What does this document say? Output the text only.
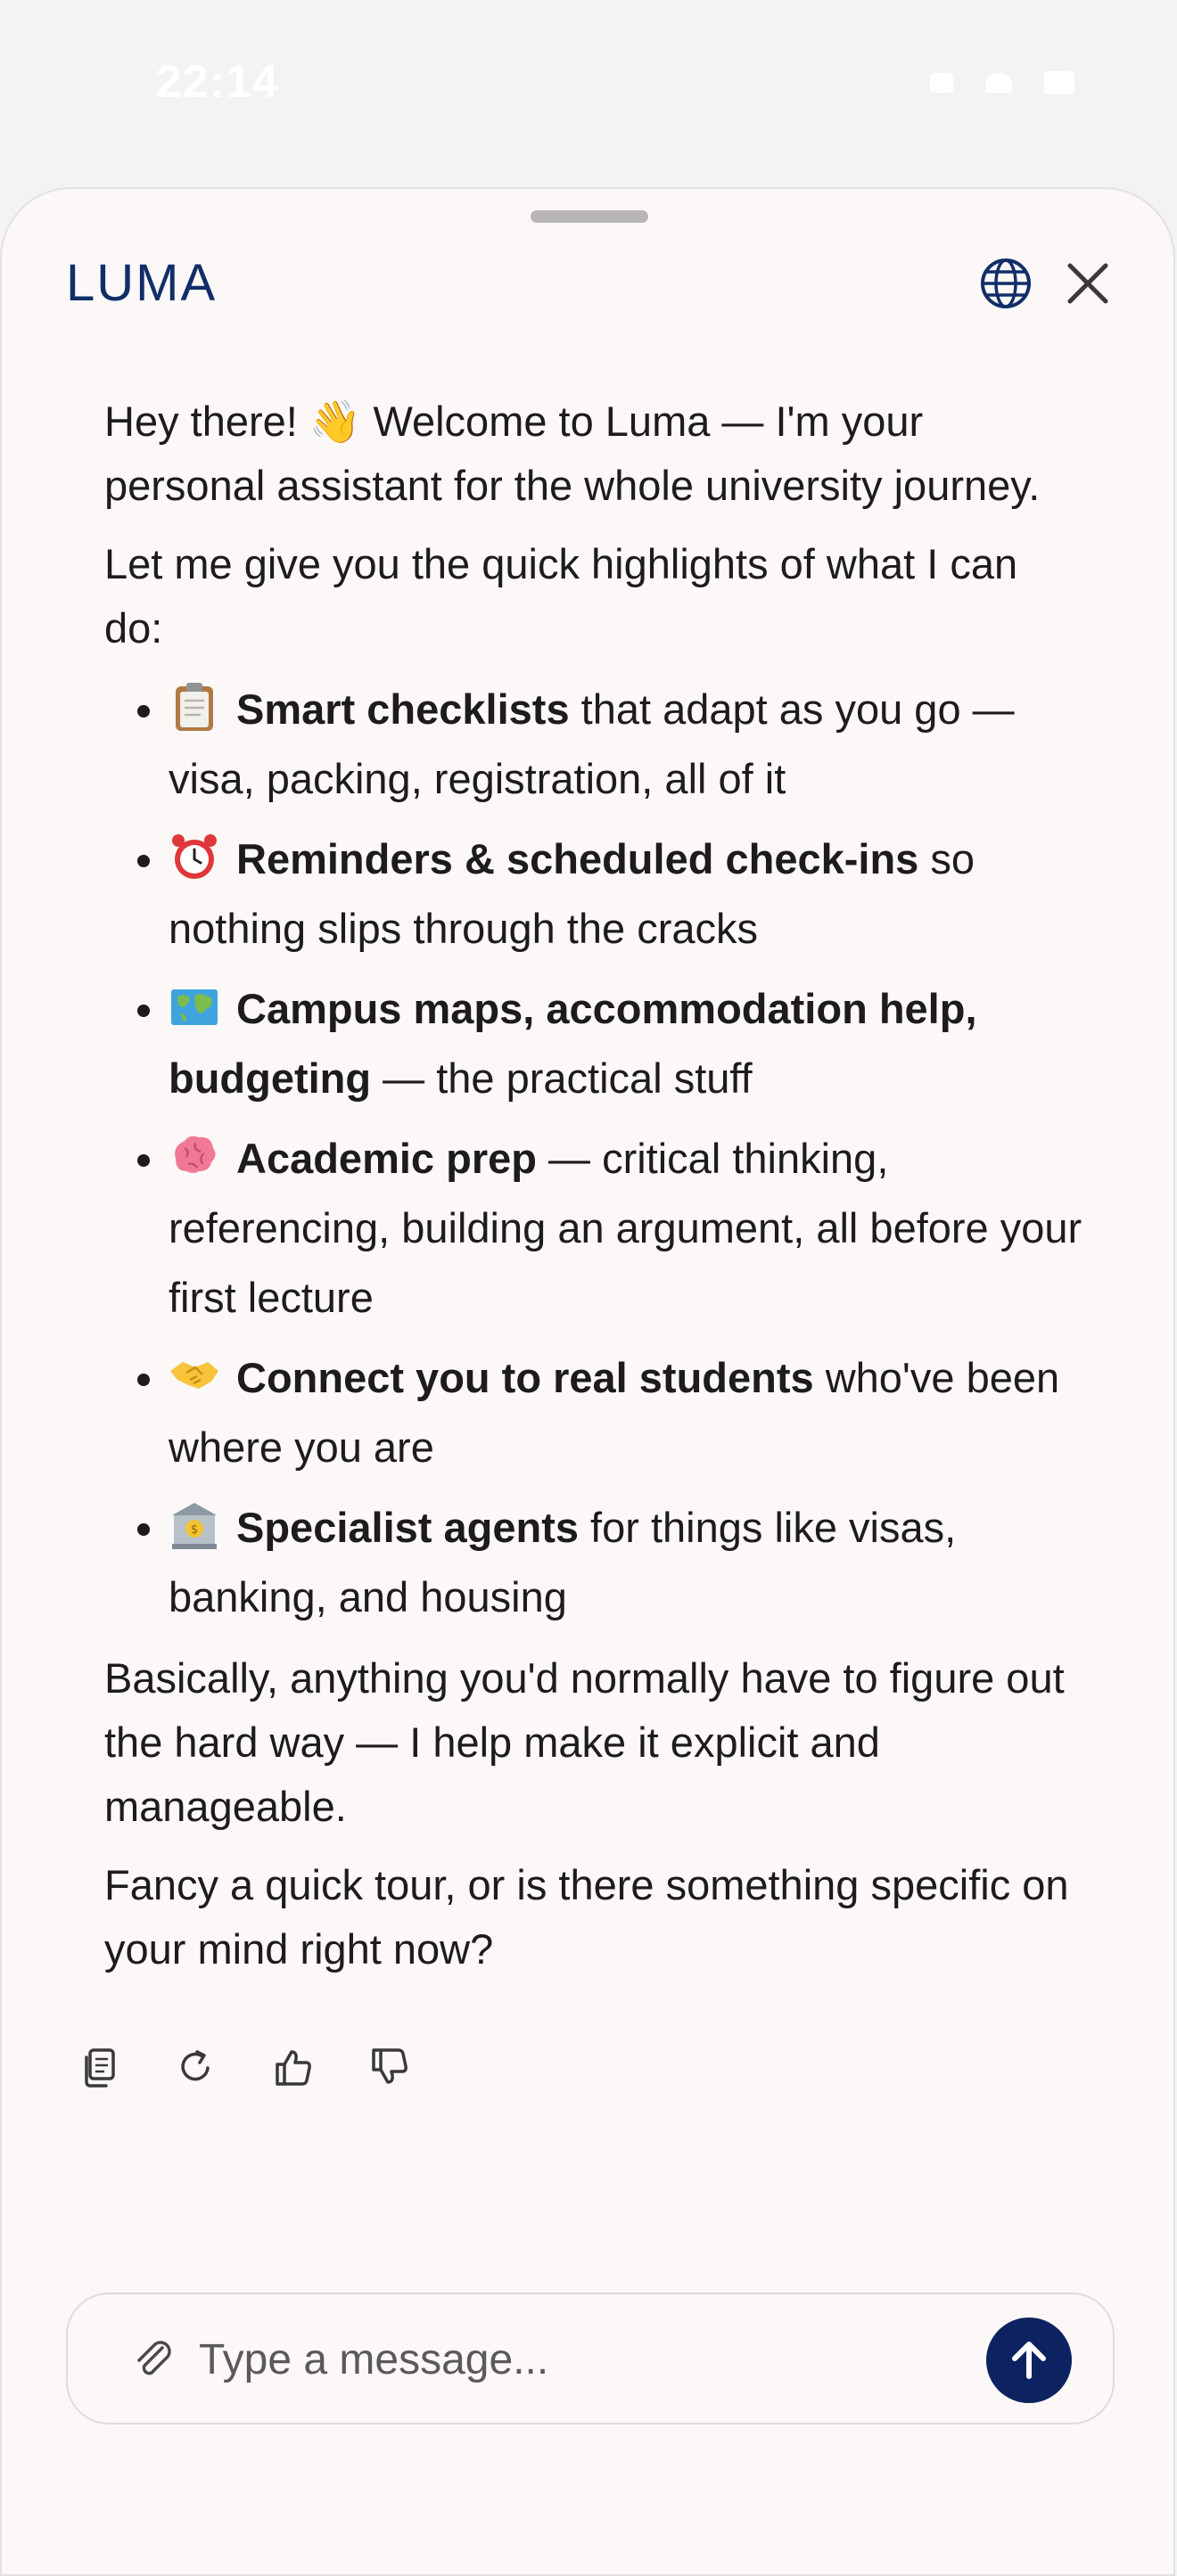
22:14
LUMA

Hey there! 👋 Welcome to Luma — I'm your personal assistant for the whole university journey.

Let me give you the quick highlights of what I can do:

• Smart checklists that adapt as you go — visa, packing, registration, all of it
• Reminders & scheduled check-ins so nothing slips through the cracks
• Campus maps, accommodation help, budgeting — the practical stuff
• Academic prep — critical thinking, referencing, building an argument, all before your first lecture
• Connect you to real students who've been where you are
• $ Specialist agents for things like visas, banking, and housing

Basically, anything you'd normally have to figure out the hard way — I help make it explicit and manageable.

Fancy a quick tour, or is there something specific on your mind right now?

Type a message...
